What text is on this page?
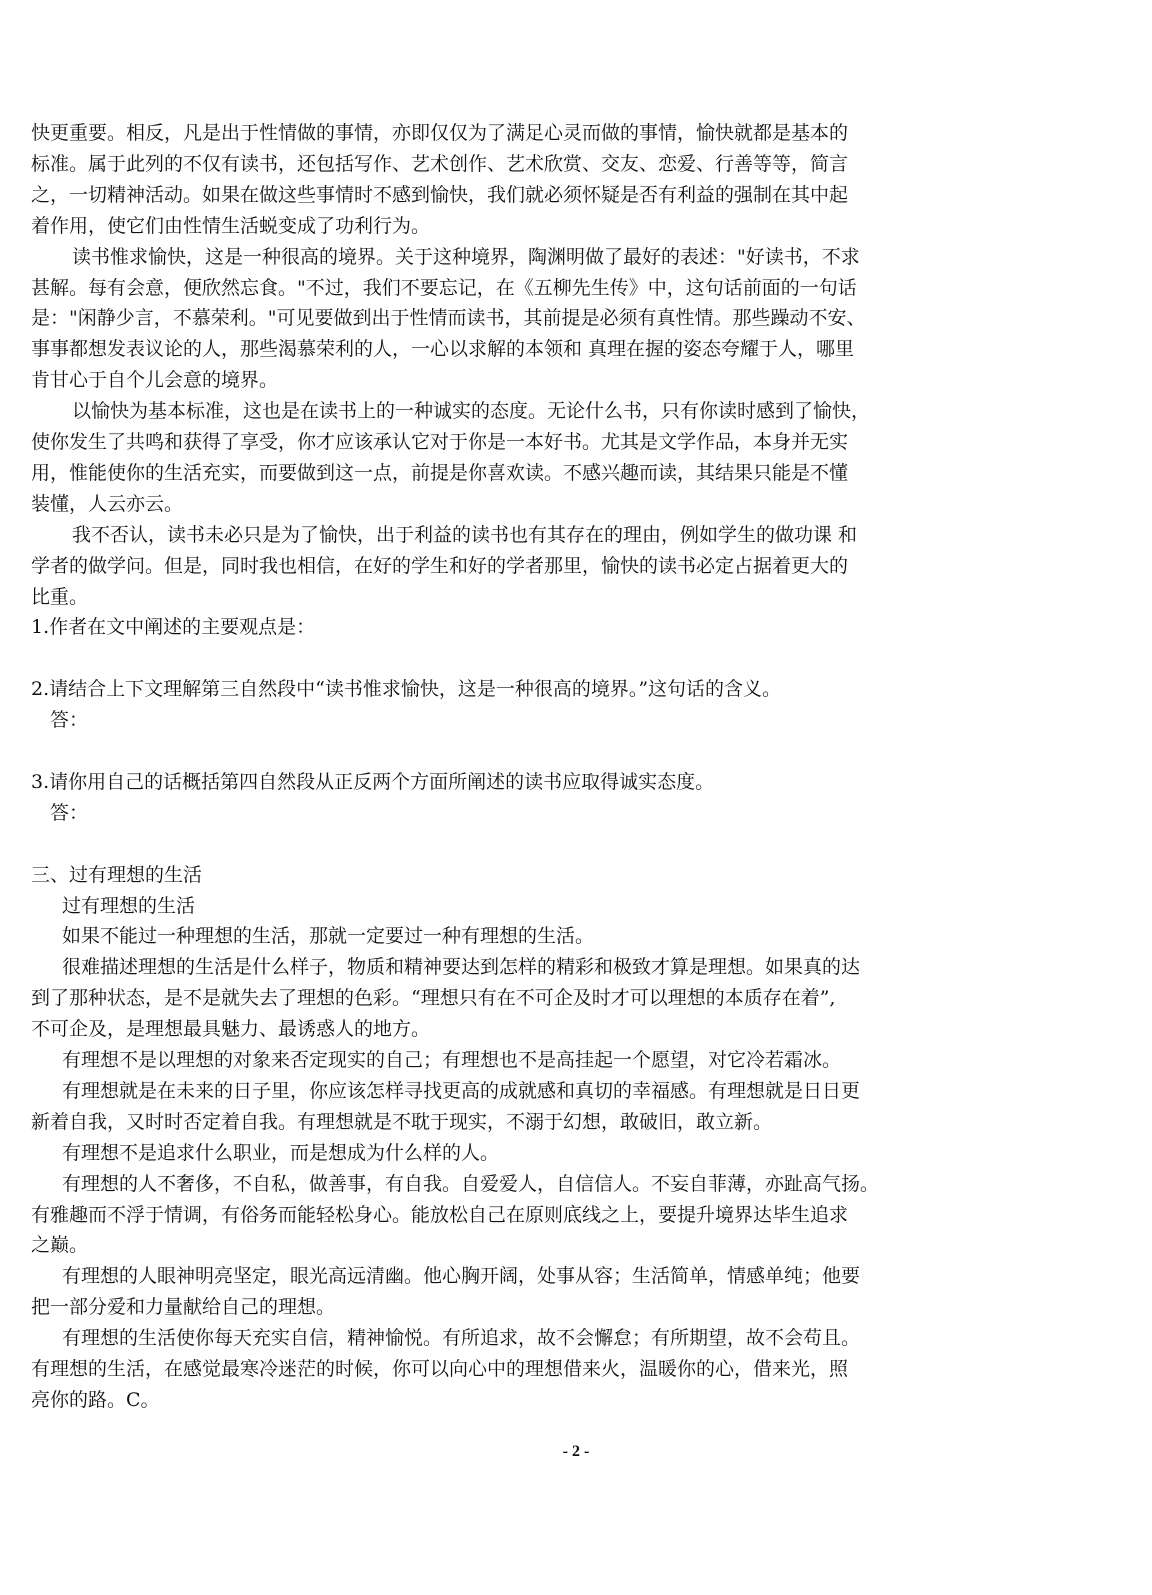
快更重要。相反，凡是出于性情做的事情，亦即仅仅为了满足心灵而做的事情，愉快就都是基本的
标准。属于此列的不仅有读书，还包括写作、艺术创作、艺术欣赏、交友、恋爱、行善等等，简言
之，一切精神活动。如果在做这些事情时不感到愉快，我们就必须怀疑是否有利益的强制在其中起
着作用，使它们由性情生活蜕变成了功利行为。
读书惟求愉快，这是一种很高的境界。关于这种境界，陶渊明做了最好的表述："好读书，不求
甚解。每有会意，便欣然忘食。"不过，我们不要忘记，在《五柳先生传》中，这句话前面的一句话
是："闲静少言，不慕荣利。"可见要做到出于性情而读书，其前提是必须有真性情。那些躁动不安、
事事都想发表议论的人，那些渴慕荣利的人，一心以求解的本领和 真理在握的姿态夸耀于人，哪里
肯甘心于自个儿会意的境界。
以愉快为基本标准，这也是在读书上的一种诚实的态度。无论什么书，只有你读时感到了愉快，
使你发生了共鸣和获得了享受，你才应该承认它对于你是一本好书。尤其是文学作品，本身并无实
用，惟能使你的生活充实，而要做到这一点，前提是你喜欢读。不感兴趣而读，其结果只能是不懂
装懂，人云亦云。
我不否认，读书未必只是为了愉快，出于利益的读书也有其存在的理由，例如学生的做功课 和
学者的做学问。但是，同时我也相信，在好的学生和好的学者那里，愉快的读书必定占据着更大的
比重。
1.作者在文中阐述的主要观点是：
2.请结合上下文理解第三自然段中“读书惟求愉快，这是一种很高的境界。”这句话的含义。
答：
3.请你用自己的话概括第四自然段从正反两个方面所阐述的读书应取得诚实态度。
答：
三、过有理想的生活
过有理想的生活
如果不能过一种理想的生活，那就一定要过一种有理想的生活。
很难描述理想的生活是什么样子，物质和精神要达到怎样的精彩和极致才算是理想。如果真的达
到了那种状态，是不是就失去了理想的色彩。“理想只有在不可企及时才可以理想的本质存在着”,
不可企及，是理想最具魅力、最诱惑人的地方。
有理想不是以理想的对象来否定现实的自己；有理想也不是高挂起一个愿望，对它冷若霜冰。
有理想就是在未来的日子里，你应该怎样寻找更高的成就感和真切的幸福感。有理想就是日日更
新着自我，又时时否定着自我。有理想就是不耽于现实，不溺于幻想，敢破旧，敢立新。
有理想不是追求什么职业，而是想成为什么样的人。
有理想的人不奢侈，不自私，做善事，有自我。自爱爱人，自信信人。不妄自菲薄，亦趾高气扬。
有雅趣而不浮于情调，有俗务而能轻松身心。能放松自己在原则底线之上，要提升境界达毕生追求
之巅。
有理想的人眼神明亮坚定，眼光高远清幽。他心胸开阔，处事从容；生活简单，情感单纯；他要
把一部分爱和力量献给自己的理想。
有理想的生活使你每天充实自信，精神愉悦。有所追求，故不会懈怠；有所期望，故不会苟且。
有理想的生活，在感觉最寒冷迷茫的时候，你可以向心中的理想借来火，温暖你的心，借来光，照
亮你的路。C。
- 2 -
